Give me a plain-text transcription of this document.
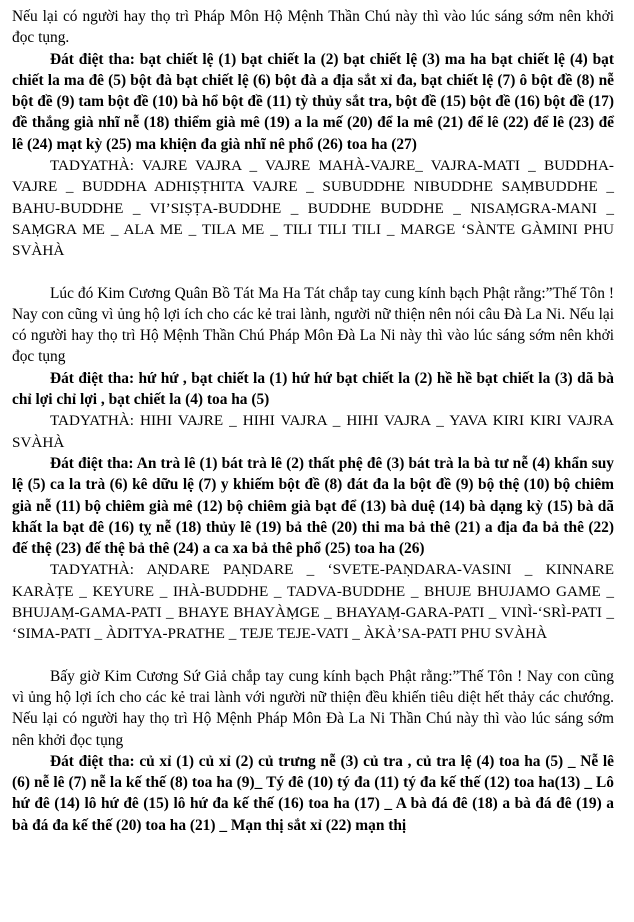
Nếu lại có người hay thọ trì Pháp Môn Hộ Mệnh Thần Chú này thì vào lúc sáng sớm nên khởi đọc tụng.

Đát điệt tha: bạt chiết lệ (1) bạt chiết la (2) bạt chiết lệ (3) ma ha bạt chiết lệ (4) bạt chiết la ma đê (5) bột đà bạt chiết lệ (6) bột đà a địa sắt xỉ đa, bạt chiết lệ (7) ô bột đề (8) nễ bột đề (9) tam bột đề (10) bà hổ bột đề (11) tỳ thủy sắt tra, bột đề (15) bột đề (16) bột đề (17) đề thắng già nhĩ nễ (18) thiểm già mê (19) a la mế (20) để la mê (21) để lê (22) để lê (23) để lê (24) mạt kỳ (25) ma khiện đa già nhĩ nê phổ (26) toa ha (27)

TADYATHÀ: VAJRE VAJRA _ VAJRE MAHÀ-VAJRE_ VAJRA-MATI _ BUDDHA-VAJRE _ BUDDHA ADHIṢṬHITA VAJRE _ SUBUDDHE NIBUDDHE SAṂBUDDHE _ BAHU-BUDDHE _ VI’SIṢṬA-BUDDHE _ BUDDHE BUDDHE _ NISAṂGRA-MANI _ SAṂGRA ME _ ALA ME _ TILA ME _ TILI TILI TILI _ MARGE ‘SÀNTE GÀMINI PHU SVÀHÀ

Lúc đó Kim Cương Quân Bồ Tát Ma Ha Tát chắp tay cung kính bạch Phật rằng:”Thế Tôn ! Nay con cũng vì ủng hộ lợi ích cho các kẻ trai lành, người nữ thiện nên nói câu Đà La Ni. Nếu lại có người hay thọ trì Hộ Mệnh Thần Chú Pháp Môn Đà La Ni này thì vào lúc sáng sớm nên khởi đọc tụng

Đát điệt tha: hứ hứ , bạt chiết la (1) hứ hứ bạt chiết la (2) hề hề bạt chiết la (3) dã bà chỉ lợi chỉ lợi , bạt chiết la (4) toa ha (5)

TADYATHÀ: HIHI VAJRE _ HIHI VAJRA _ HIHI VAJRA _ YAVA KIRI KIRI VAJRA SVÀHÀ

Đát điệt tha: An trà lê (1) bát trà lê (2) thất phệ đê (3) bát trà la bà tư nễ (4) khẩn suy lệ (5) ca la trà (6) kê dữu lệ (7) y khiếm bột đề (8) đát đa la bột đề (9) bộ thệ (10) bộ chiêm già nễ (11) bộ chiêm già mê (12) bộ chiêm già bạt để (13) bà duệ (14) bà dạng kỳ (15) bà dã khất la bạt đê (16) tỵ nễ (18) thủy lê (19) bả thê (20) thi ma bả thê (21) a địa đa bả thê (22) đế thệ (23) đế thệ bả thê (24) a ca xa bả thê phổ (25) toa ha (26)

TADYATHÀ: AṆDARE PAṆDARE _ ‘SVETE-PAṆDARA-VASINI _ KINNARE KARÀṬE _ KEYURE _ IHÀ-BUDDHE _ TADVA-BUDDHE _ BHUJE BHUJAMO GAME _ BHUJAṂ-GAMA-PATI _ BHAYE BHAYÀṂGE _ BHAYAṂ-GARA-PATI _ VINÌ-‘SRÌ-PATI _ ‘SIMA-PATI _ ÀDITYA-PRATHE _ TEJE TEJE-VATI _ ÀKÀ’SA-PATI PHU SVÀHÀ

Bấy giờ Kim Cương Sứ Giả chắp tay cung kính bạch Phật rằng:”Thế Tôn ! Nay con cũng vì ủng hộ lợi ích cho các kẻ trai lành với người nữ thiện đều khiến tiêu diệt hết thảy các chướng. Nếu lại có người hay thọ trì Hộ Mệnh Pháp Môn Đà La Ni Thần Chú này thì vào lúc sáng sớm nên khởi đọc tụng

Đát điệt tha: củ xỉ (1) củ xỉ (2) củ trưng nễ (3) củ tra , củ tra lệ (4) toa ha (5) _ Nễ lê (6) nễ lê (7) nễ la kế thế (8) toa ha (9)_ Tý đê (10) tý đa (11) tý đa kế thế (12) toa ha(13) _ Lô hứ đê (14) lô hứ đê (15) lô hứ đa kế thế (16) toa ha (17) _ A bà đá đê (18) a bà đá đê (19) a bà đá đa kế thế (20) toa ha (21) _ Mạn thị sắt xỉ (22) mạn thị
